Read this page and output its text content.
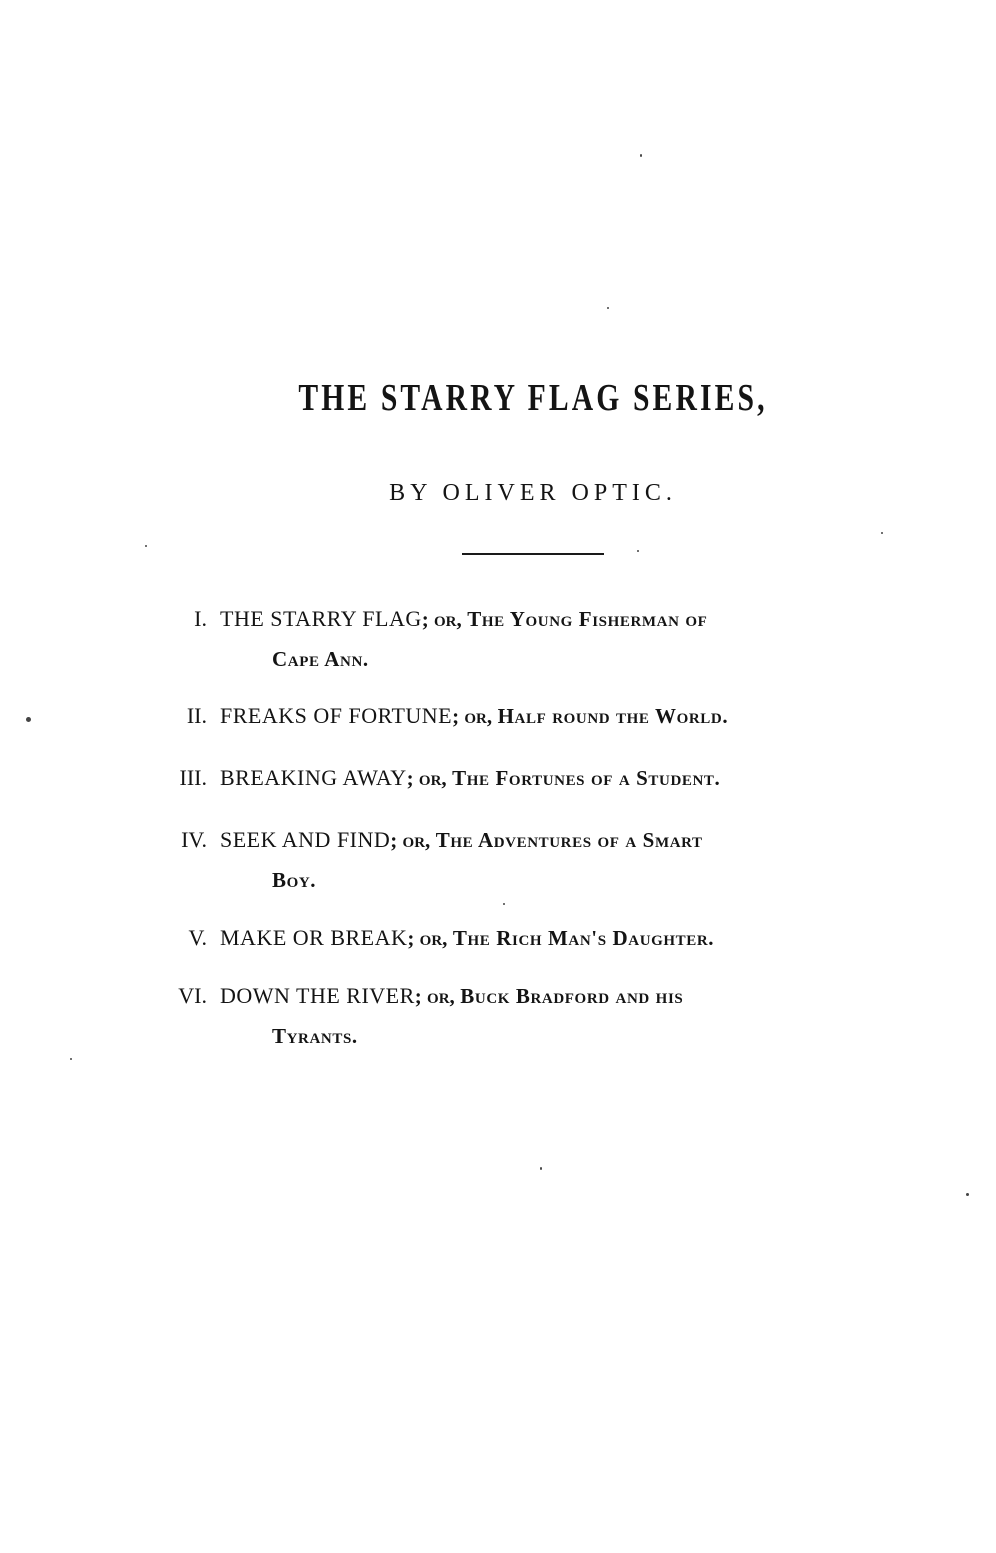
THE STARRY FLAG SERIES,
BY OLIVER OPTIC.
I. THE STARRY FLAG; or, The Young Fisherman of
Cape Ann.
II. FREAKS OF FORTUNE; or, Half round the World.
III. BREAKING AWAY; or, The Fortunes of a Student.
IV. SEEK AND FIND; or, The Adventures of a Smart
Boy.
V. MAKE OR BREAK; or, The Rich Man's Daughter.
VI. DOWN THE RIVER; or, Buck Bradford and his
Tyrants.
